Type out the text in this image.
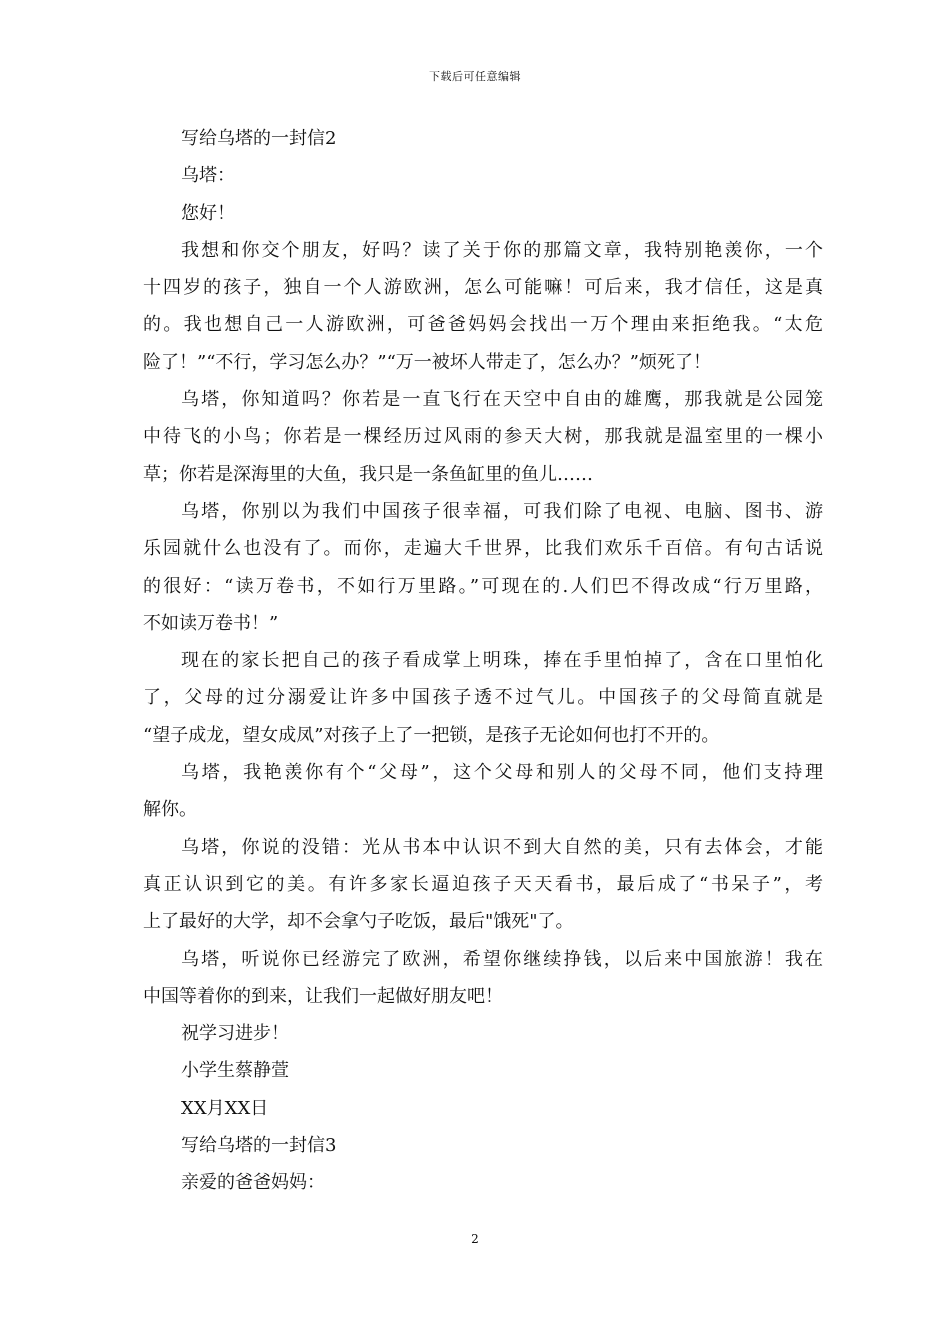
下载后可任意编辑
写给乌塔的一封信2
乌塔：
您好！
我想和你交个朋友，好吗？读了关于你的那篇文章，我特别艳羡你，一个
十四岁的孩子，独自一个人游欧洲，怎么可能嘛！可后来，我才信任，这是真
的。我也想自己一人游欧洲，可爸爸妈妈会找出一万个理由来拒绝我。“太危
险了！”“不行，学习怎么办？”“万一被坏人带走了，怎么办？”烦死了！
乌塔，你知道吗？你若是一直飞行在天空中自由的雄鹰，那我就是公园笼
中待飞的小鸟；你若是一棵经历过风雨的参天大树，那我就是温室里的一棵小
草；你若是深海里的大鱼，我只是一条鱼缸里的鱼儿……
乌塔，你别以为我们中国孩子很幸福，可我们除了电视、电脑、图书、游
乐园就什么也没有了。而你，走遍大千世界，比我们欢乐千百倍。有句古话说
的很好：“读万卷书，不如行万里路。”可现在的.人们巴不得改成“行万里路，
不如读万卷书！”
现在的家长把自己的孩子看成掌上明珠，捧在手里怕掉了，含在口里怕化
了，父母的过分溺爱让许多中国孩子透不过气儿。中国孩子的父母简直就是
“望子成龙，望女成凤”对孩子上了一把锁，是孩子无论如何也打不开的。
乌塔，我艳羡你有个“父母”，这个父母和别人的父母不同，他们支持理
解你。
乌塔，你说的没错：光从书本中认识不到大自然的美，只有去体会，才能
真正认识到它的美。有许多家长逼迫孩子天天看书，最后成了“书呆子”，考
上了最好的大学，却不会拿勺子吃饭，最后"饿死"了。
乌塔，听说你已经游完了欧洲，希望你继续挣钱，以后来中国旅游！我在
中国等着你的到来，让我们一起做好朋友吧！
祝学习进步！
小学生蔡静萱
XX月XX日
写给乌塔的一封信3
亲爱的爸爸妈妈：
2
